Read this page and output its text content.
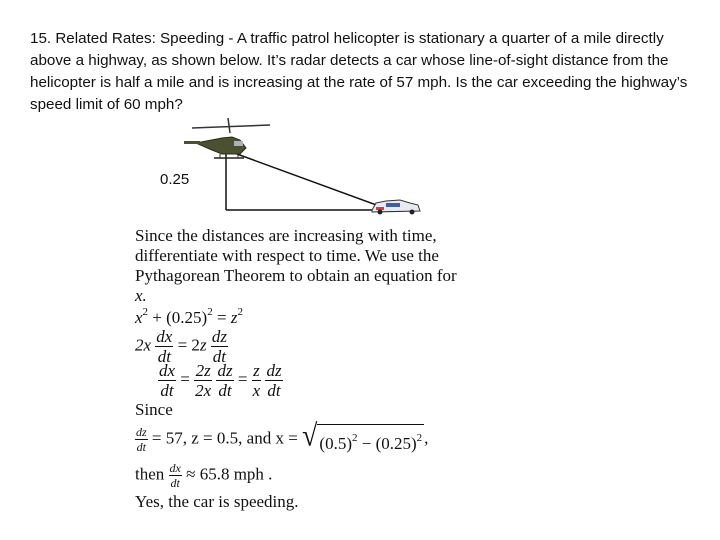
15. Related Rates: Speeding - A traffic patrol helicopter is stationary a quarter of a mile directly above a highway, as shown below. It’s radar detects a car whose line-of-sight distance from the helicopter is half a mile and is increasing at the rate of 57 mph. Is the car exceeding the highway’s speed limit of 60 mph?
0.25
Since the distances are increasing with time,
differentiate with respect to time. We use the
Pythagorean Theorem to obtain an equation for
x.
$x^2 + (0.25)^2 = z^2$
$2x \frac{dx}{dt} = 2z \frac{dz}{dt}$
$\frac{dx}{dt} = \frac{2z}{2x}$
$\frac{dz}{dt} = \frac{z}{x}$
$\frac{dz}{dt}$
Since
$\frac{dz}{dt} = 57$, z = 0.5, and x = √ $(0.5)^2 - (0.25)^2$ ,
then $\frac{dx}{dt} \approx 65.8$ mph .
Yes, the car is speeding.
